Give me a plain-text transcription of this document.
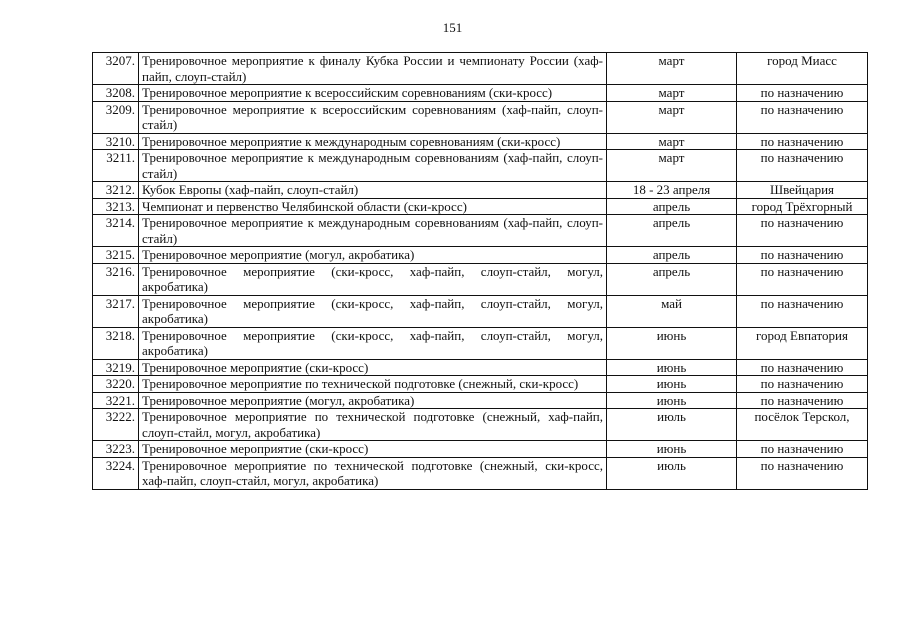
151
3207.	Тренировочное мероприятие к финалу Кубка России и чемпионату России (хаф-пайп, слоуп-стайл)	март	город Миасс
3208.	Тренировочное мероприятие к всероссийским соревнованиям (ски-кросс)	март	по назначению
3209.	Тренировочное мероприятие к всероссийским соревнованиям (хаф-пайп, слоуп-стайл)	март	по назначению
3210.	Тренировочное мероприятие к международным соревнованиям (ски-кросс)	март	по назначению
3211.	Тренировочное мероприятие к международным соревнованиям (хаф-пайп, слоуп-стайл)	март	по назначению
3212.	Кубок Европы (хаф-пайп, слоуп-стайл)	18 - 23 апреля	Швейцария
3213.	Чемпионат и первенство Челябинской области (ски-кросс)	апрель	город Трёхгорный
3214.	Тренировочное мероприятие к международным соревнованиям (хаф-пайп, слоуп-стайл)	апрель	по назначению
3215.	Тренировочное мероприятие (могул, акробатика)	апрель	по назначению
3216.	Тренировочное мероприятие (ски-кросс, хаф-пайп, слоуп-стайл, могул, акробатика)	апрель	по назначению
3217.	Тренировочное мероприятие (ски-кросс, хаф-пайп, слоуп-стайл, могул, акробатика)	май	по назначению
3218.	Тренировочное мероприятие (ски-кросс, хаф-пайп, слоуп-стайл, могул, акробатика)	июнь	город Евпатория
3219.	Тренировочное мероприятие (ски-кросс)	июнь	по назначению
3220.	Тренировочное мероприятие по технической подготовке (снежный, ски-кросс)	июнь	по назначению
3221.	Тренировочное мероприятие (могул, акробатика)	июнь	по назначению
3222.	Тренировочное мероприятие по технической подготовке (снежный, хаф-пайп, слоуп-стайл, могул, акробатика)	июль	посёлок Терскол,
3223.	Тренировочное мероприятие (ски-кросс)	июнь	по назначению
3224.	Тренировочное мероприятие по технической подготовке (снежный, ски-кросс, хаф-пайп, слоуп-стайл, могул, акробатика)	июль	по назначению
